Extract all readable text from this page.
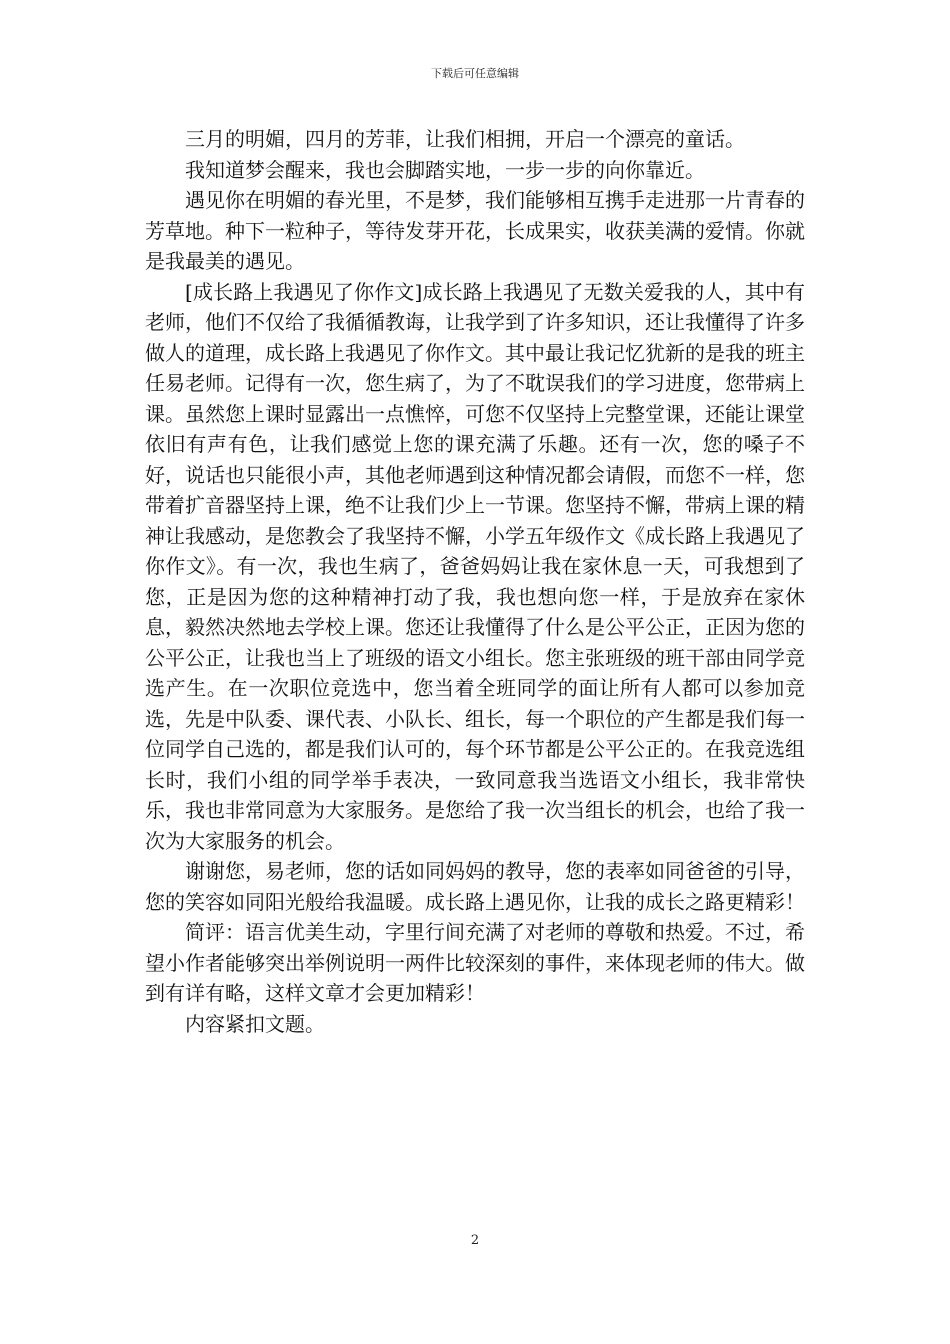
下载后可任意编辑

三月的明媚，四月的芳菲，让我们相拥，开启一个漂亮的童话。

我知道梦会醒来，我也会脚踏实地，一步一步的向你靠近。

遇见你在明媚的春光里，不是梦，我们能够相互携手走进那一片青春的芳草地。种下一粒种子，等待发芽开花，长成果实，收获美满的爱情。你就是我最美的遇见。

[成长路上我遇见了你作文]成长路上我遇见了无数关爱我的人，其中有老师，他们不仅给了我循循教诲，让我学到了许多知识，还让我懂得了许多做人的道理，成长路上我遇见了你作文。其中最让我记忆犹新的是我的班主任易老师。记得有一次，您生病了，为了不耽误我们的学习进度，您带病上课。虽然您上课时显露出一点憔悴，可您不仅坚持上完整堂课，还能让课堂依旧有声有色，让我们感觉上您的课充满了乐趣。还有一次，您的嗓子不好，说话也只能很小声，其他老师遇到这种情况都会请假，而您不一样，您带着扩音器坚持上课，绝不让我们少上一节课。您坚持不懈，带病上课的精神让我感动，是您教会了我坚持不懈，小学五年级作文《成长路上我遇见了你作文》。有一次，我也生病了，爸爸妈妈让我在家休息一天，可我想到了您，正是因为您的这种精神打动了我，我也想向您一样，于是放弃在家休息，毅然决然地去学校上课。您还让我懂得了什么是公平公正，正因为您的公平公正，让我也当上了班级的语文小组长。您主张班级的班干部由同学竞选产生。在一次职位竞选中，您当着全班同学的面让所有人都可以参加竞选，先是中队委、课代表、小队长、组长，每一个职位的产生都是我们每一位同学自己选的，都是我们认可的，每个环节都是公平公正的。在我竞选组长时，我们小组的同学举手表决，一致同意我当选语文小组长，我非常快乐，我也非常同意为大家服务。是您给了我一次当组长的机会，也给了我一次为大家服务的机会。

谢谢您，易老师，您的话如同妈妈的教导，您的表率如同爸爸的引导，您的笑容如同阳光般给我温暖。成长路上遇见你，让我的成长之路更精彩！

简评：语言优美生动，字里行间充满了对老师的尊敬和热爱。不过，希望小作者能够突出举例说明一两件比较深刻的事件，来体现老师的伟大。做到有详有略，这样文章才会更加精彩！

内容紧扣文题。

2
